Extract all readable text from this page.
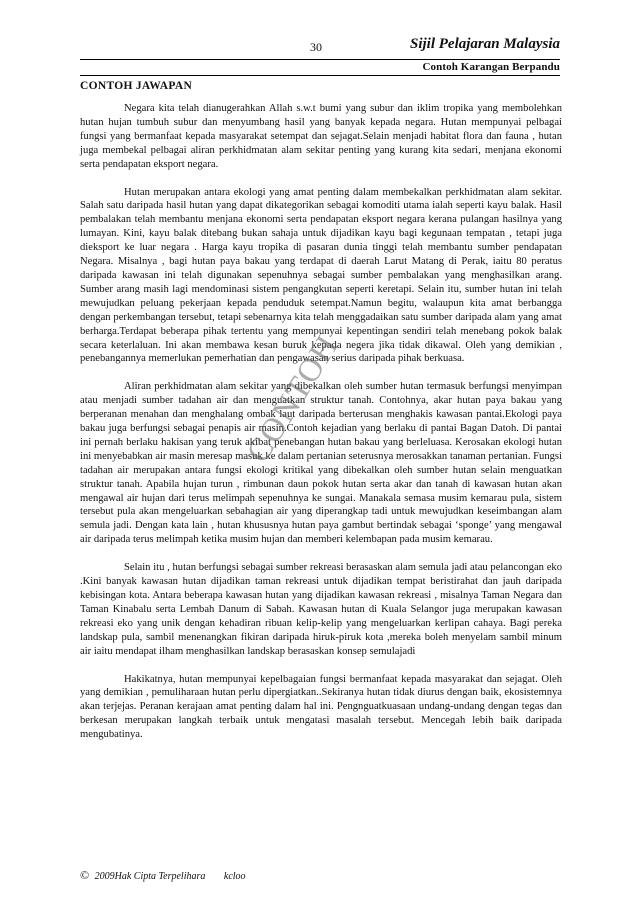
30	Sijil Pelajaran Malaysia
Contoh Karangan Berpandu
CONTOH JAWAPAN

Negara kita telah dianugerahkan Allah s.w.t bumi yang subur dan iklim tropika yang membolehkan hutan hujan tumbuh subur dan menyumbang hasil yang banyak kepada negara. Hutan mempunyai pelbagai fungsi yang bermanfaat kepada masyarakat setempat dan sejagat.Selain menjadi habitat flora dan fauna , hutan juga membekal pelbagai aliran perkhidmatan alam sekitar penting yang kurang kita sedari, menjana ekonomi serta pendapatan eksport negara.

Hutan merupakan antara ekologi yang amat penting dalam membekalkan perkhidmatan alam sekitar. Salah satu daripada hasil hutan yang dapat dikategorikan sebagai komoditi utama ialah seperti kayu balak. Hasil pembalakan telah membantu menjana ekonomi serta pendapatan eksport negara kerana pulangan hasilnya yang lumayan. Kini, kayu balak ditebang bukan sahaja untuk dijadikan kayu bagi kegunaan tempatan , tetapi juga dieksport ke luar negara . Harga kayu tropika di pasaran dunia tinggi telah membantu sumber pendapatan Negara. Misalnya , bagi hutan paya bakau yang terdapat di daerah Larut Matang di Perak, iaitu 80 peratus daripada kawasan ini telah digunakan sepenuhnya sebagai sumber pembalakan yang menghasilkan arang. Sumber arang masih lagi mendominasi sistem pengangkutan seperti keretapi. Selain itu, sumber hutan ini telah mewujudkan peluang pekerjaan kepada penduduk setempat.Namun begitu, walaupun kita amat berbangga dengan perkembangan tersebut, tetapi sebenarnya kita telah menggadaikan satu sumber daripada alam yang amat berharga.Terdapat beberapa pihak tertentu yang mempunyai kepentingan sendiri telah menebang pokok balak secara keterlaluan. Ini akan membawa kesan buruk kepada negera jika tidak dikawal. Oleh yang demikian , penebangannya memerlukan pemerhatian dan pengawasan serius daripada pihak berkuasa.

Aliran perkhidmatan alam sekitar yang dibekalkan oleh sumber hutan termasuk berfungsi menyimpan atau menjadi sumber tadahan air dan menguatkan struktur tanah. Contohnya, akar hutan paya bakau yang berperanan menahan dan menghalang ombak laut daripada berterusan menghakis kawasan pantai.Ekologi paya bakau juga berfungsi sebagai penapis air masin.Contoh kejadian yang berlaku di pantai Bagan Datoh. Di pantai ini pernah berlaku hakisan yang teruk akibat penebangan hutan bakau yang berleluasa. Kerosakan ekologi hutan ini menyebabkan air masin meresap masuk ke dalam pertanian seterusnya merosakkan tanaman pertanian. Fungsi tadahan air merupakan antara fungsi ekologi kritikal yang dibekalkan oleh sumber hutan selain menguatkan struktur tanah. Apabila hujan turun , rimbunan daun pokok hutan serta akar dan tanah di kawasan hutan akan mengawal air hujan dari terus melimpah sepenuhnya ke sungai. Manakala semasa musim kemarau pula, sistem tersebut pula akan mengeluarkan sebahagian air yang diperangkap tadi untuk mewujudkan keseimbangan alam semula jadi. Dengan kata lain , hutan khususnya hutan paya gambut bertindak sebagai ‘sponge’ yang mengawal air daripada terus melimpah ketika musim hujan dan memberi kelembapan pada musim kemarau.

Selain itu , hutan berfungsi sebagai sumber rekreasi berasaskan alam semula jadi atau pelancongan eko .Kini banyak kawasan hutan dijadikan taman rekreasi untuk dijadikan tempat beristirahat dan jauh daripada kebisingan kota. Antara beberapa kawasan hutan yang dijadikan kawasan rekreasi , misalnya Taman Negara dan Taman Kinabalu serta Lembah Danum di Sabah. Kawasan hutan di Kuala Selangor juga merupakan kawasan rekreasi eko yang unik dengan kehadiran ribuan kelip-kelip yang mengeluarkan kerlipan cahaya. Bagi pereka landskap pula, sambil menenangkan fikiran daripada hiruk-piruk kota ,mereka boleh menyelam sambil minum air iaitu mendapat ilham menghasilkan landskap berasaskan konsep semulajadi

Hakikatnya, hutan mempunyai kepelbagaian fungsi bermanfaat kepada masyarakat dan sejagat. Oleh yang demikian , pemuliharaan hutan perlu dipergiatkan..Sekiranya hutan tidak diurus dengan baik, ekosistemnya akan terjejas. Peranan kerajaan amat penting dalam hal ini. Pengnguatkuasaan undang-undang dengan tegas dan berkesan merupakan langkah terbaik untuk mengatasi masalah tersebut. Mencegah lebih baik daripada mengubatinya.

CONTOH
© 2009Hak Cipta Terpelihara kcloo
